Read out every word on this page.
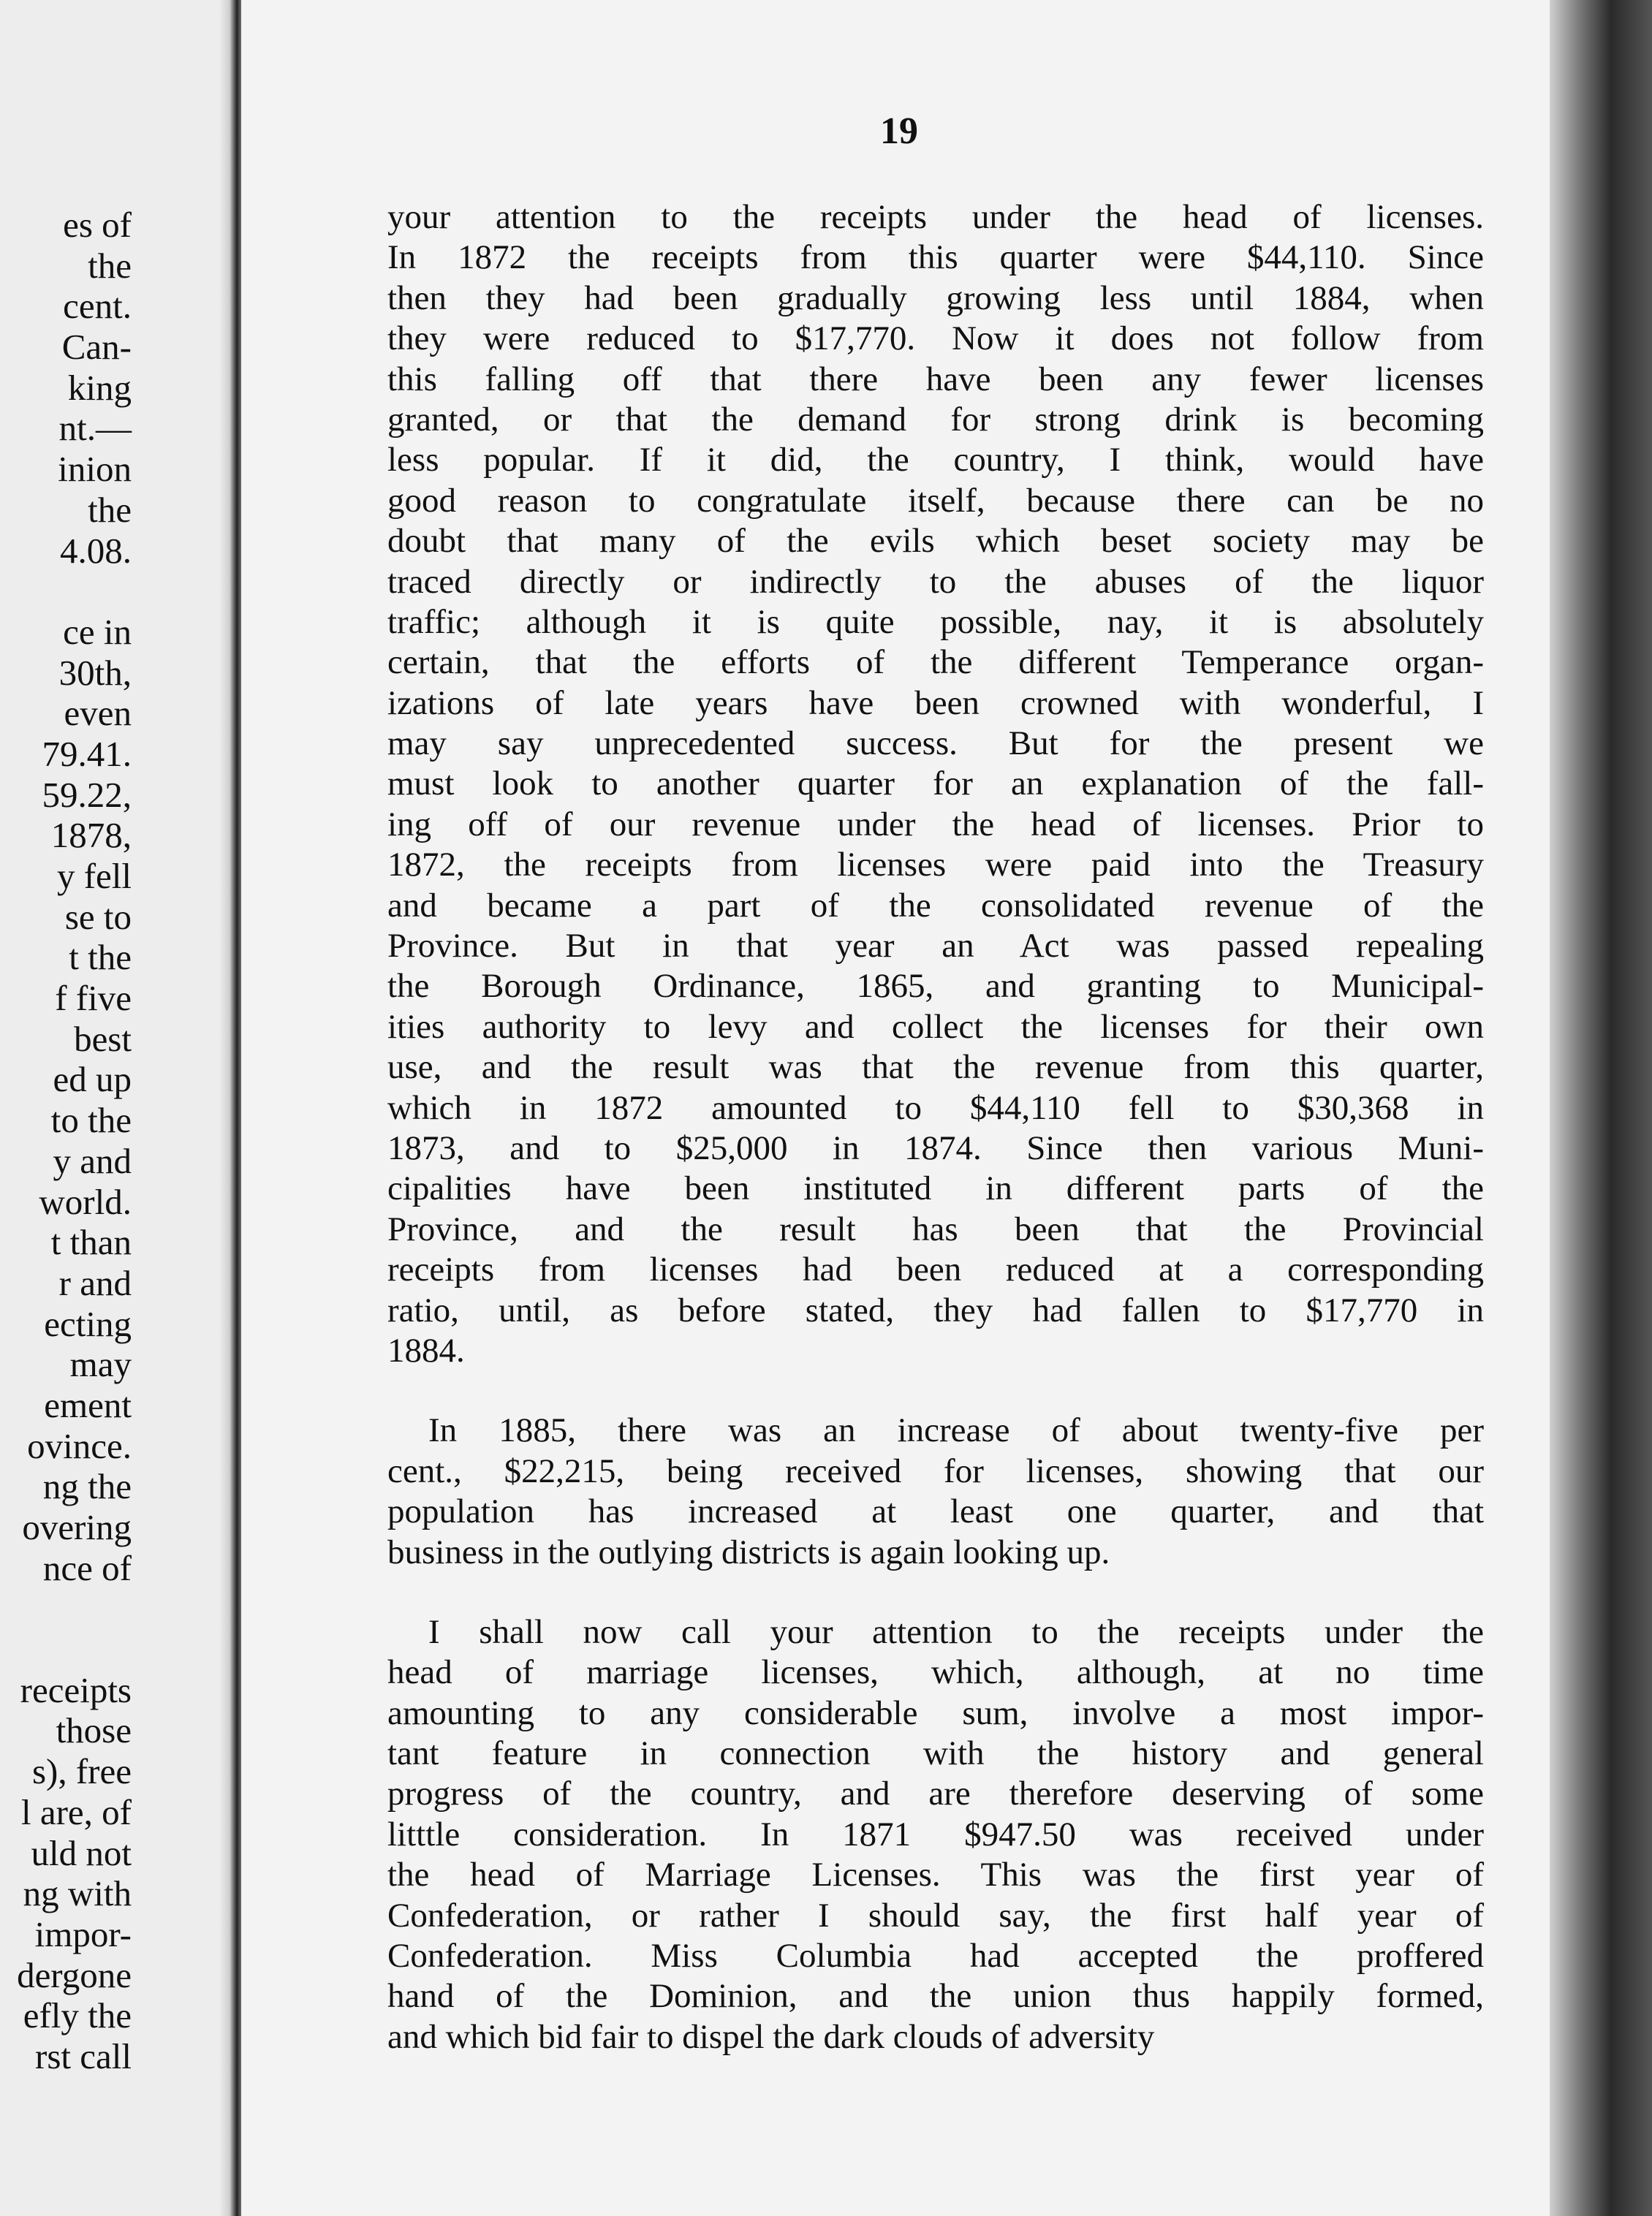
es of
the
cent.
Can-
king
nt.—
inion
the
4.08.
ce in
30th,
even
79.41.
59.22,
1878,
y fell
se to
t the
f five
best
ed up
to the
y and
world.
t than
r and
ecting
may
ement
ovince.
ng the
overing
nce of
receipts
those
s), free
l are, of
uld not
ng with
impor-
dergone
efly the
rst call
19
your attention to the receipts under the head of licenses.
In 1872 the receipts from this quarter were $44,110. Since
then they had been gradually growing less until 1884, when
they were reduced to $17,770. Now it does not follow from
this falling off that there have been any fewer licenses
granted, or that the demand for strong drink is becoming
less popular. If it did, the country, I think, would have
good reason to congratulate itself, because there can be no
doubt that many of the evils which beset society may be
traced directly or indirectly to the abuses of the liquor
traffic; although it is quite possible, nay, it is absolutely
certain, that the efforts of the different Temperance organ-
izations of late years have been crowned with wonderful, I
may say unprecedented success. But for the present we
must look to another quarter for an explanation of the fall-
ing off of our revenue under the head of licenses. Prior to
1872, the receipts from licenses were paid into the Treasury
and became a part of the consolidated revenue of the
Province. But in that year an Act was passed repealing
the Borough Ordinance, 1865, and granting to Municipal-
ities authority to levy and collect the licenses for their own
use, and the result was that the revenue from this quarter,
which in 1872 amounted to $44,110 fell to $30,368 in
1873, and to $25,000 in 1874. Since then various Muni-
cipalities have been instituted in different parts of the
Province, and the result has been that the Provincial
receipts from licenses had been reduced at a corresponding
ratio, until, as before stated, they had fallen to $17,770 in
1884.
In 1885, there was an increase of about twenty-five per
cent., $22,215, being received for licenses, showing that our
population has increased at least one quarter, and that
business in the outlying districts is again looking up.
I shall now call your attention to the receipts under the
head of marriage licenses, which, although, at no time
amounting to any considerable sum, involve a most impor-
tant feature in connection with the history and general
progress of the country, and are therefore deserving of some
litttle consideration. In 1871 $947.50 was received under
the head of Marriage Licenses. This was the first year of
Confederation, or rather I should say, the first half year of
Confederation. Miss Columbia had accepted the proffered
hand of the Dominion, and the union thus happily formed,
and which bid fair to dispel the dark clouds of adversity
